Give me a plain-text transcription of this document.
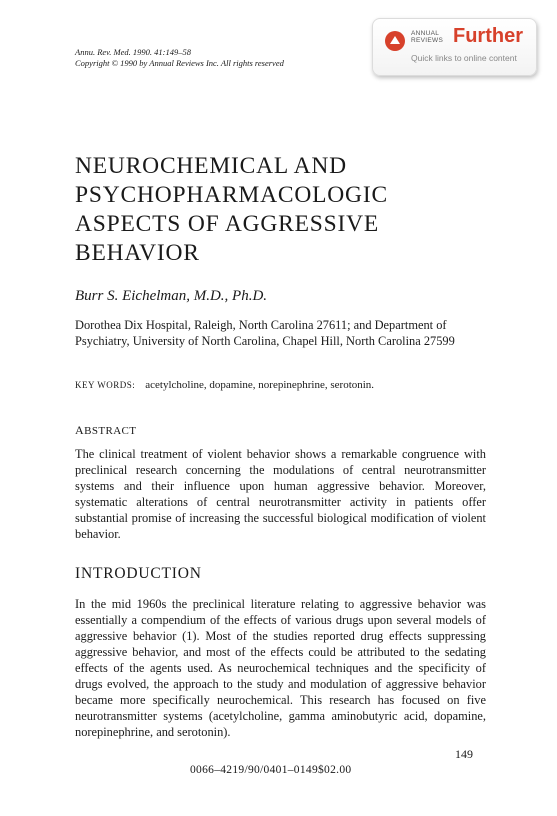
Annu. Rev. Med. 1990. 41:149–58
Copyright © 1990 by Annual Reviews Inc. All rights reserved
ANNUAL
REVIEWS Further
Quick links to online content
NEUROCHEMICAL AND
PSYCHOPHARMACOLOGIC
ASPECTS OF AGGRESSIVE
BEHAVIOR
Burr S. Eichelman, M.D., Ph.D.
Dorothea Dix Hospital, Raleigh, North Carolina 27611; and Department of Psychiatry, University of North Carolina, Chapel Hill, North Carolina 27599
KEY WORDS: acetylcholine, dopamine, norepinephrine, serotonin.
ABSTRACT
The clinical treatment of violent behavior shows a remarkable congruence with preclinical research concerning the modulations of central neurotransmitter systems and their influence upon human aggressive behavior. Moreover, systematic alterations of central neurotransmitter activity in patients offer substantial promise of increasing the successful biological modification of violent behavior.
INTRODUCTION
In the mid 1960s the preclinical literature relating to aggressive behavior was essentially a compendium of the effects of various drugs upon several models of aggressive behavior (1). Most of the studies reported drug effects suppressing aggressive behavior, and most of the effects could be attributed to the sedating effects of the agents used. As neurochemical techniques and the specificity of drugs evolved, the approach to the study and modulation of aggressive behavior became more specifically neurochemical. This research has focused on five neurotransmitter systems (acetylcholine, gamma aminobutyric acid, dopamine, norepinephrine, and serotonin).
149
0066–4219/90/0401–0149$02.00
